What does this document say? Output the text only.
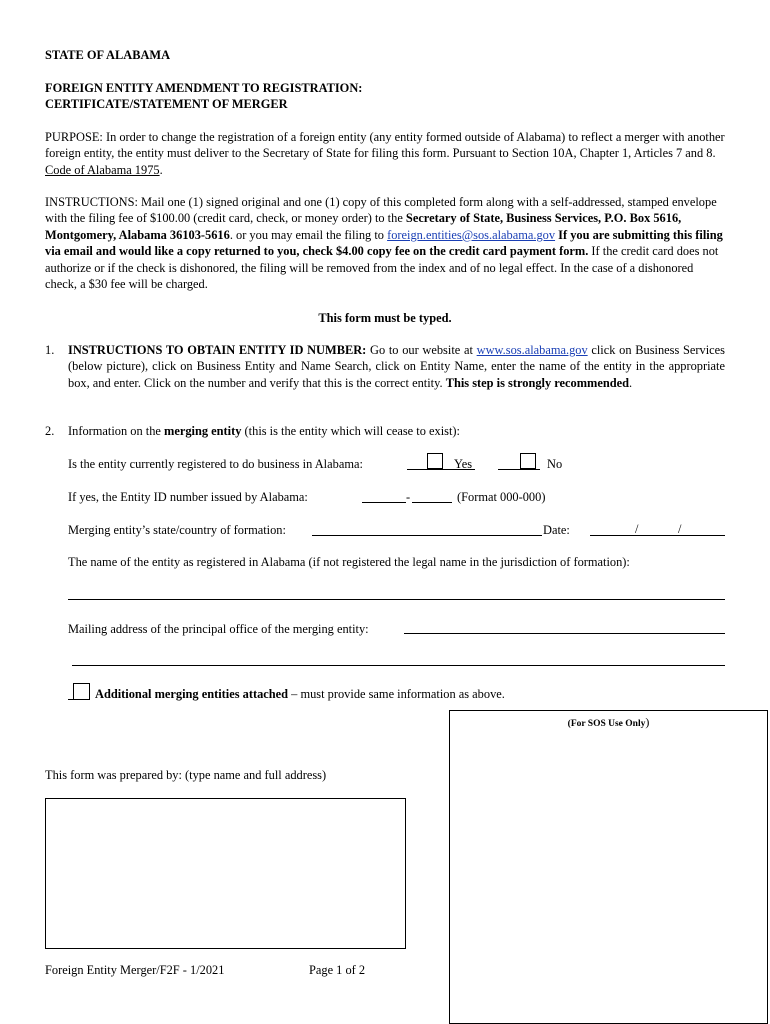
STATE OF ALABAMA
FOREIGN ENTITY AMENDMENT TO REGISTRATION:
CERTIFICATE/STATEMENT OF MERGER
PURPOSE: In order to change the registration of a foreign entity (any entity formed outside of Alabama) to reflect a merger with another foreign entity, the entity must deliver to the Secretary of State for filing this form. Pursuant to Section 10A, Chapter 1, Articles 7 and 8. Code of Alabama 1975.
INSTRUCTIONS: Mail one (1) signed original and one (1) copy of this completed form along with a self-addressed, stamped envelope with the filing fee of $100.00 (credit card, check, or money order) to the Secretary of State, Business Services, P.O. Box 5616, Montgomery, Alabama 36103-5616. or you may email the filing to foreign.entities@sos.alabama.gov If you are submitting this filing via email and would like a copy returned to you, check $4.00 copy fee on the credit card payment form. If the credit card does not authorize or if the check is dishonored, the filing will be removed from the index and of no legal effect. In the case of a dishonored check, a $30 fee will be charged.
This form must be typed.
1. INSTRUCTIONS TO OBTAIN ENTITY ID NUMBER: Go to our website at www.sos.alabama.gov click on Business Services (below picture), click on Business Entity and Name Search, click on Entity Name, enter the name of the entity in the appropriate box, and enter. Click on the number and verify that this is the correct entity. This step is strongly recommended.
2. Information on the merging entity (this is the entity which will cease to exist):
Is the entity currently registered to do business in Alabama:	Yes	No
If yes, the Entity ID number issued by Alabama:	-	(Format 000-000)
Merging entity’s state/country of formation:	Date:	/	/
The name of the entity as registered in Alabama (if not registered the legal name in the jurisdiction of formation):
Mailing address of the principal office of the merging entity:
Additional merging entities attached – must provide same information as above.
(For SOS Use Only)
This form was prepared by: (type name and full address)
Foreign Entity Merger/F2F - 1/2021	Page 1 of 2
